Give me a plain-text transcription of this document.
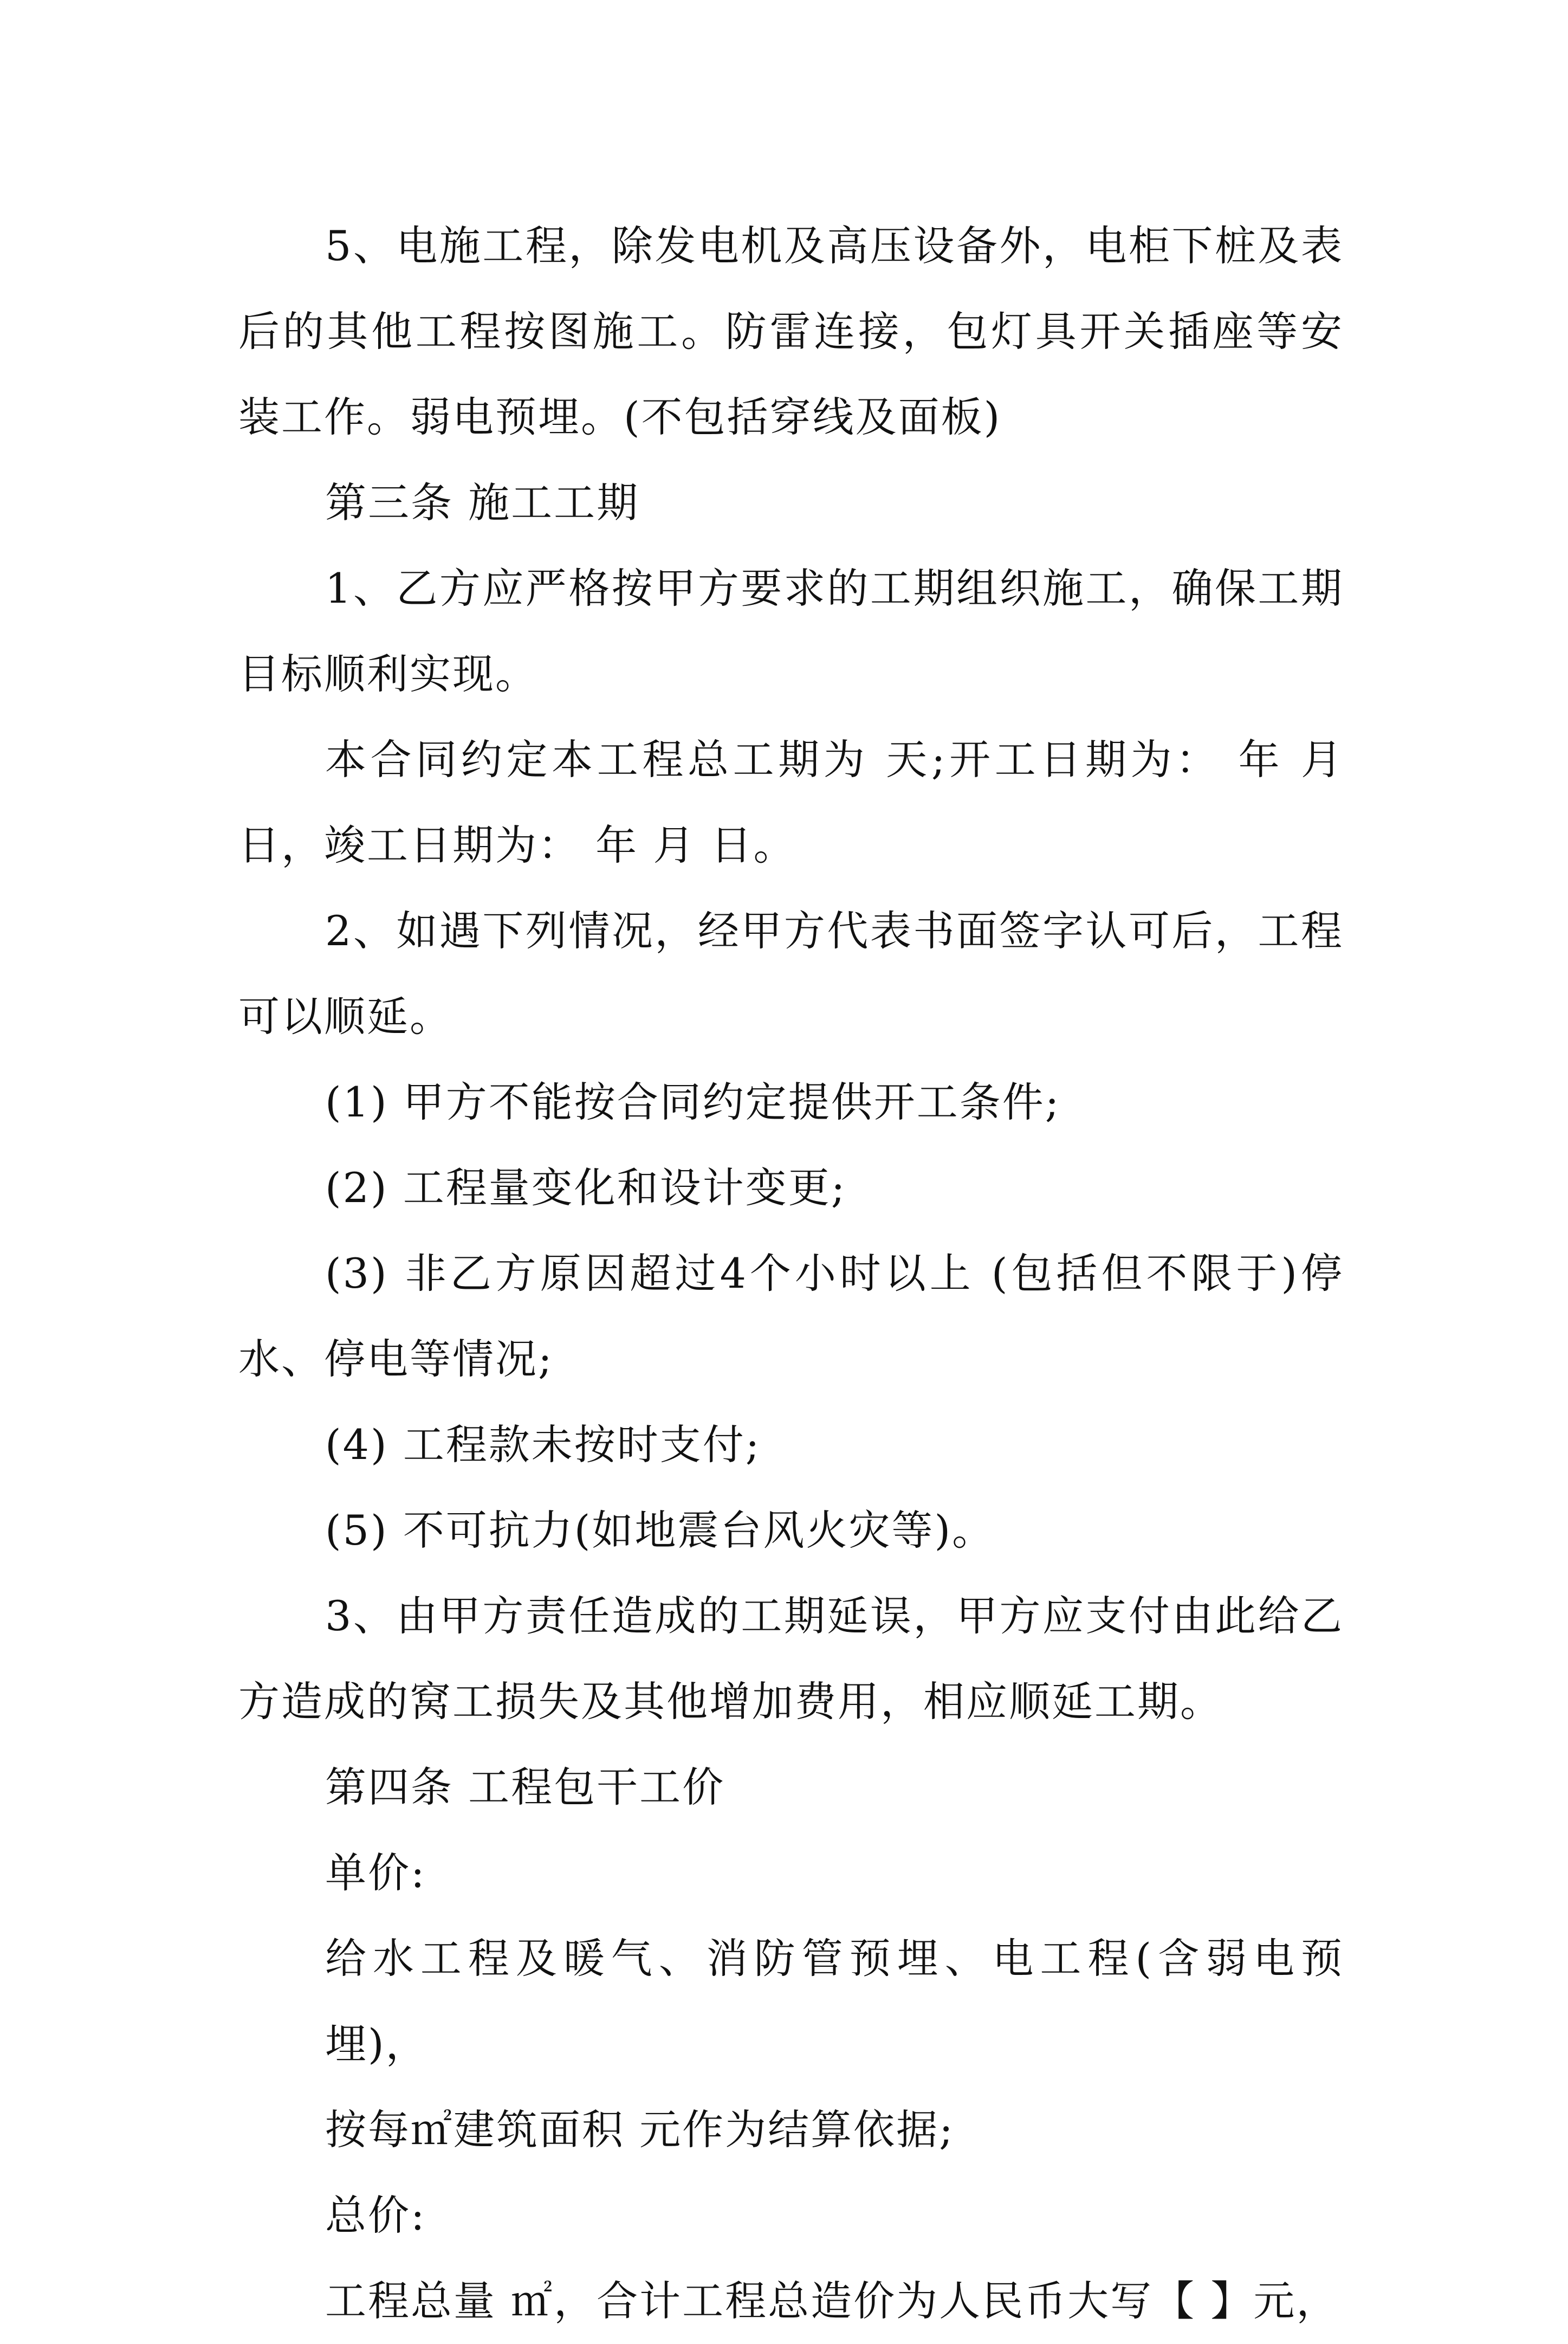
5、电施工程，除发电机及高压设备外，电柜下桩及表后的其他工程按图施工。防雷连接，包灯具开关插座等安装工作。弱电预埋。(不包括穿线及面板)

第三条 施工工期

1、乙方应严格按甲方要求的工期组织施工，确保工期目标顺利实现。

本合同约定本工程总工期为 天;开工日期为： 年 月 日，竣工日期为： 年 月 日。

2、如遇下列情况，经甲方代表书面签字认可后，工程可以顺延。

(1) 甲方不能按合同约定提供开工条件;

(2) 工程量变化和设计变更;

(3) 非乙方原因超过4个小时以上 (包括但不限于)停水、停电等情况;

(4) 工程款未按时支付;

(5) 不可抗力(如地震台风火灾等)。

3、由甲方责任造成的工期延误，甲方应支付由此给乙方造成的窝工损失及其他增加费用，相应顺延工期。

第四条 工程包干工价

单价:

给水工程及暖气、消防管预埋、电工程(含弱电预埋)，

按每㎡建筑面积 元作为结算依据;

总价:

工程总量 ㎡，合计工程总造价为人民币大写【 】元，
